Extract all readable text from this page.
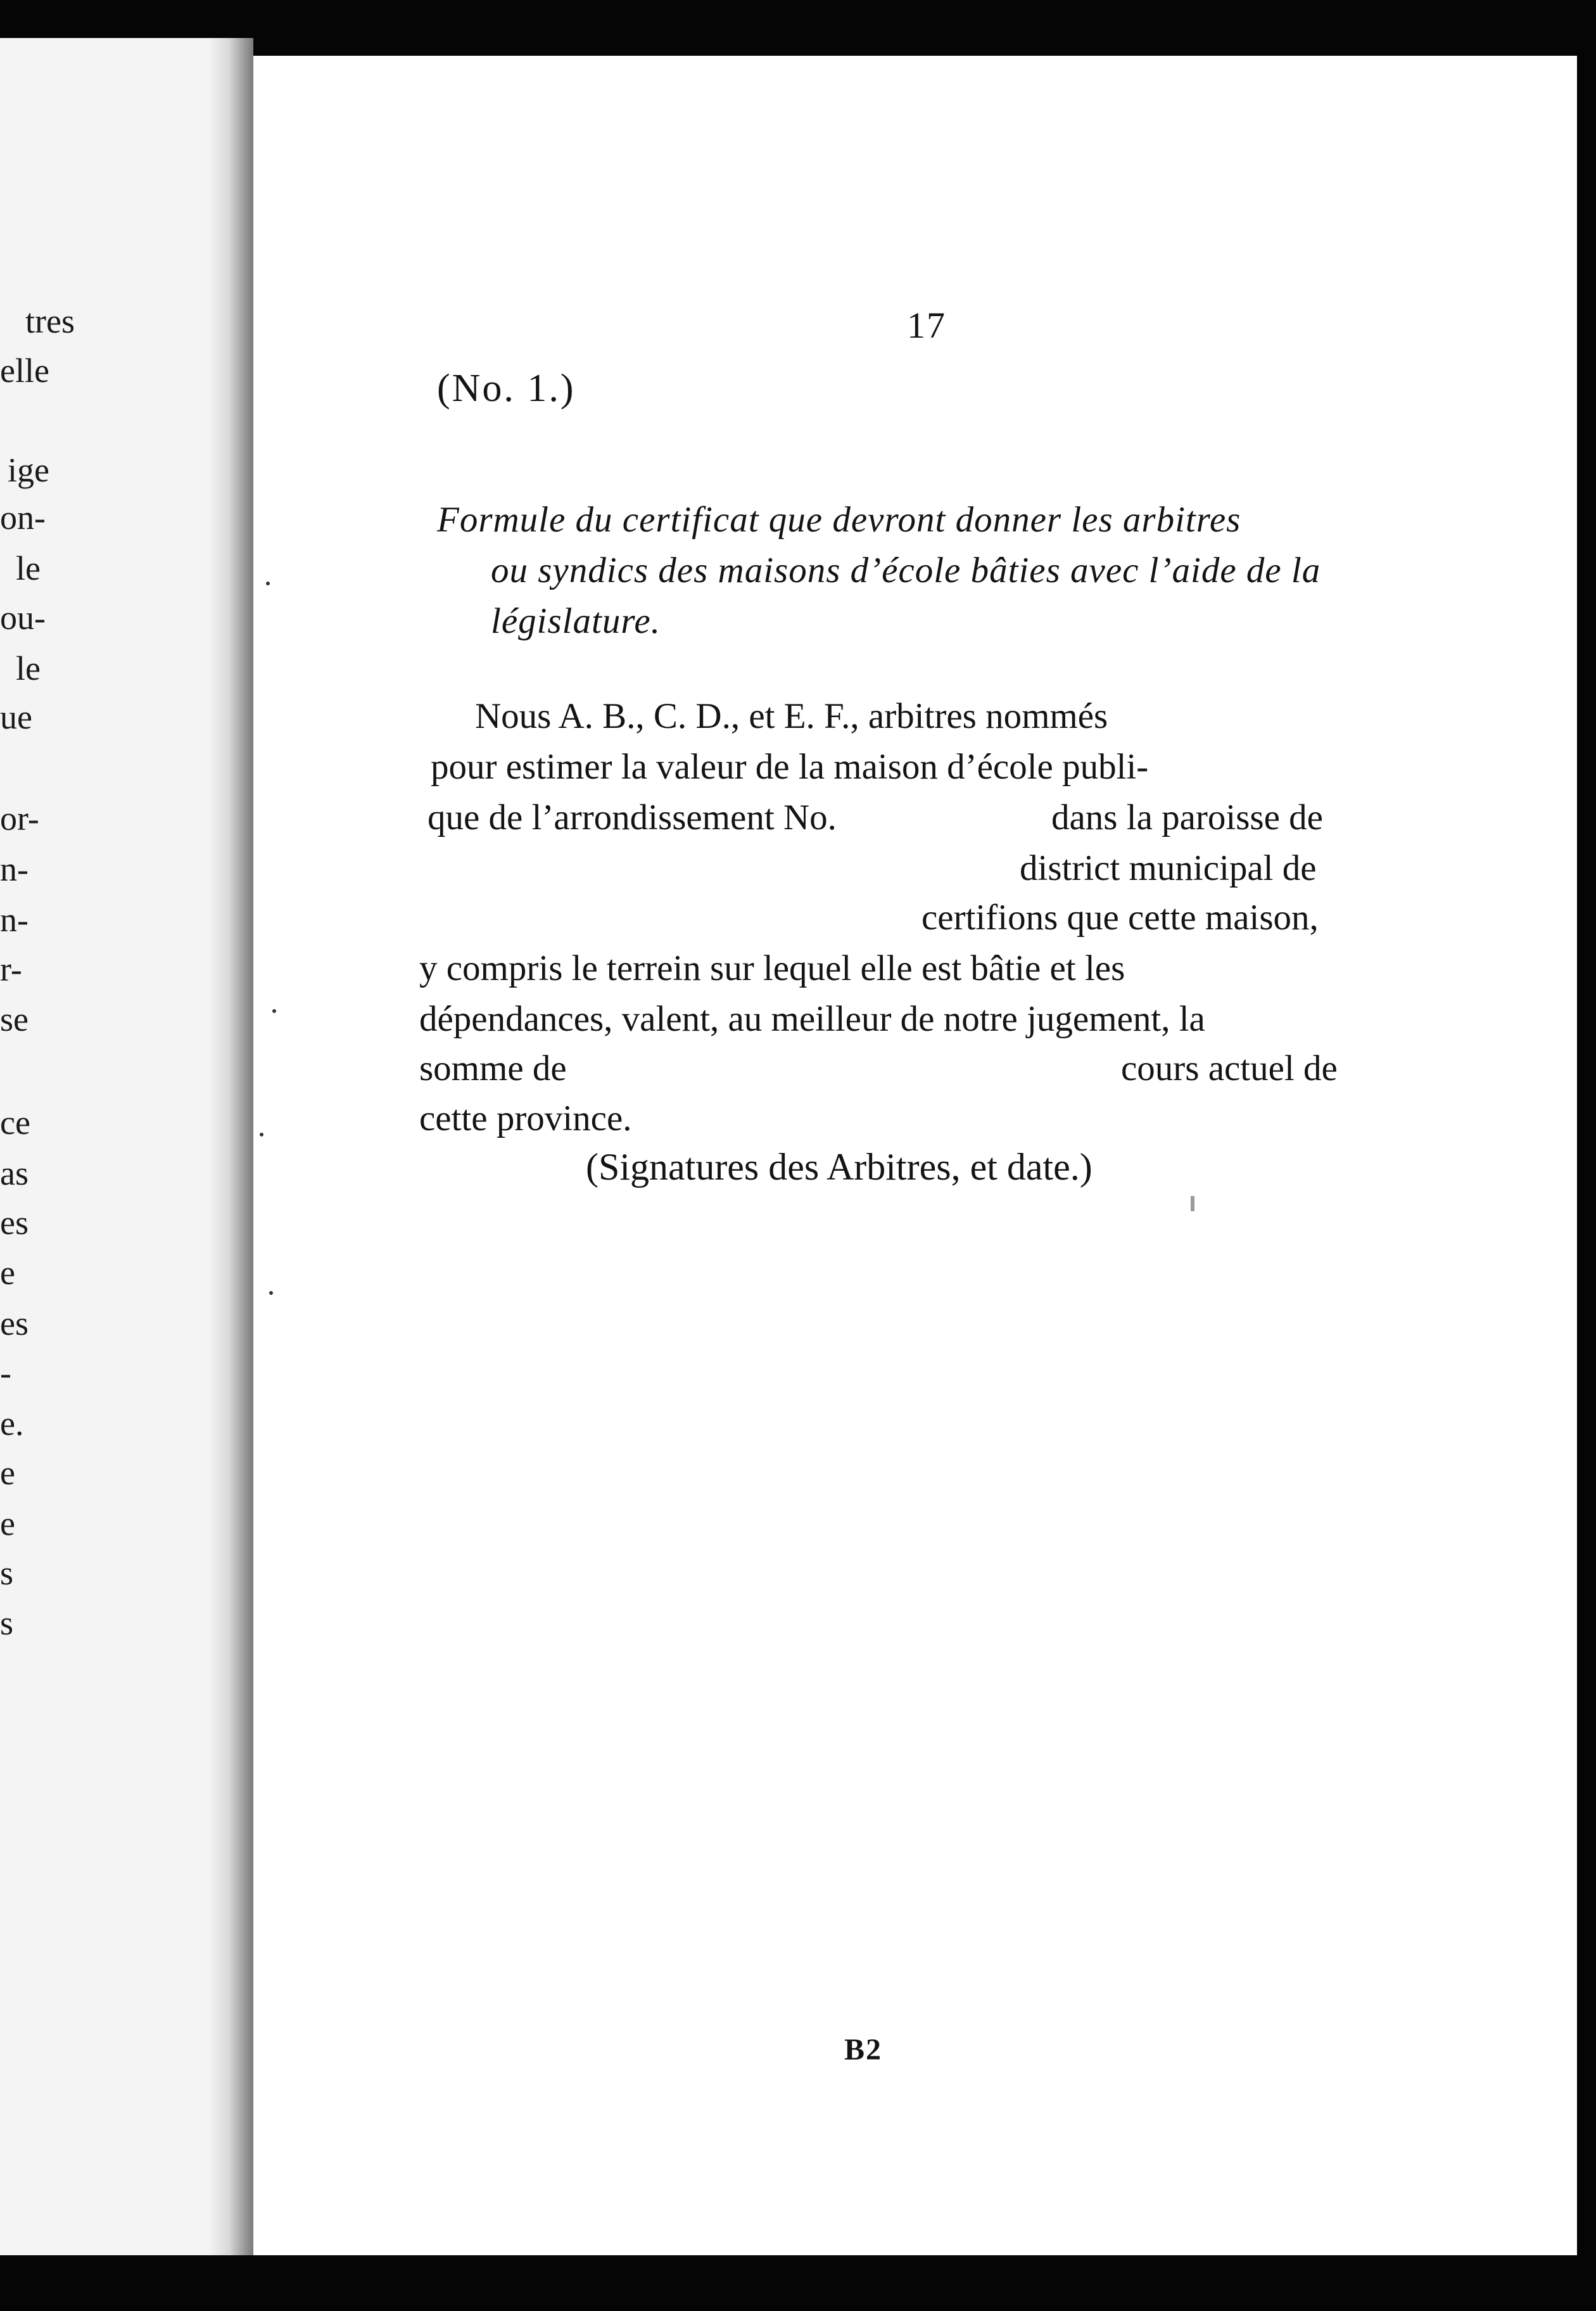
tres
elle
ige
on-
le
ou-
le
ue
or-
n-
n-
r-
se
ce
as
es
e
es
-
e.
e
e
s
s
17
(No. 1.)
Formule du certificat que devront donner les arbitres
ou syndics des maisons d’école bâties avec l’aide de la
législature.
Nous A. B., C. D., et E. F., arbitres nommés
pour estimer la valeur de la maison d’école publi-
que de l’arrondissement No.	dans la paroisse de
district municipal de
certifions que cette maison,
y compris le terrein sur lequel elle est bâtie et les
dépendances, valent, au meilleur de notre jugement, la
somme de	cours actuel de
cette province.
(Signatures des Arbitres, et date.)
B2
